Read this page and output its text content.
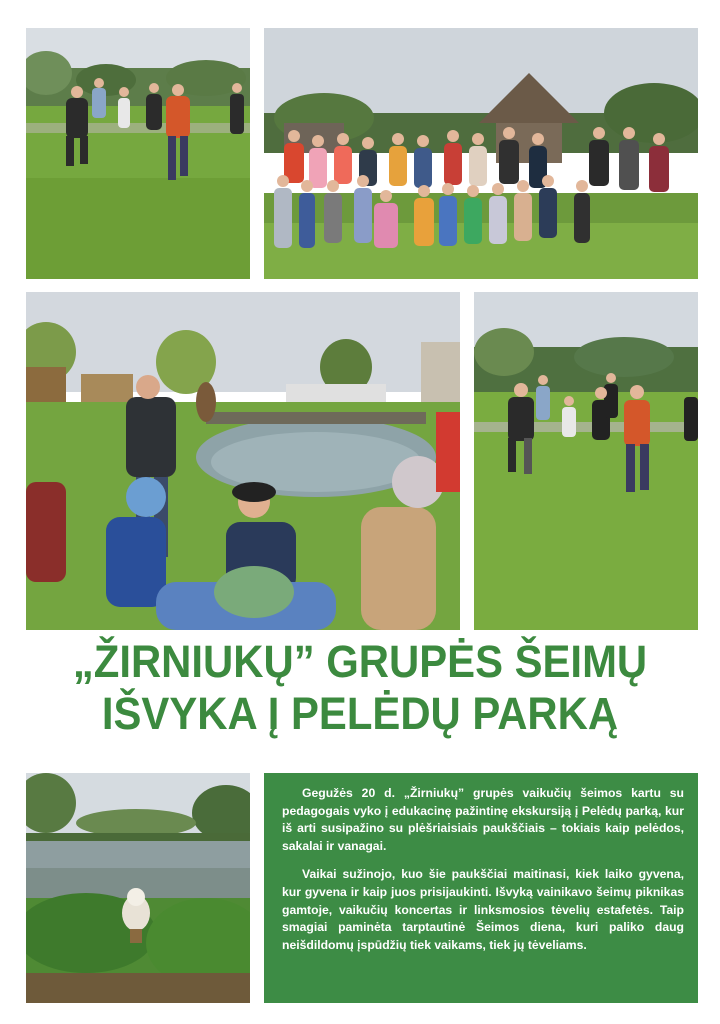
„ŽIRNIUKŲ” GRUPĖS ŠEIMŲ
IŠVYKA Į PELĖDŲ PARKĄ

Gegužės 20 d. „Žirniukų” grupės vaikučių šeimos kartu su pedagogais vyko į edukacinę pažintinę ekskursiją į Pelėdų parką, kur iš arti susipažino su plėšriaisiais paukščiais – tokiais kaip pelėdos, sakalai ir vanagai.

Vaikai sužinojo, kuo šie paukščiai maitinasi, kiek laiko gyvena, kur gyvena ir kaip juos prisijaukinti. Išvyką vainikavo šeimų piknikas gamtoje, vaikučių koncertas ir linksmosios tėvelių estafetės. Taip smagiai paminėta tarptautinė Šeimos diena, kuri paliko daug neišdildomų įspūdžių tiek vaikams, tiek jų tėveliams.
